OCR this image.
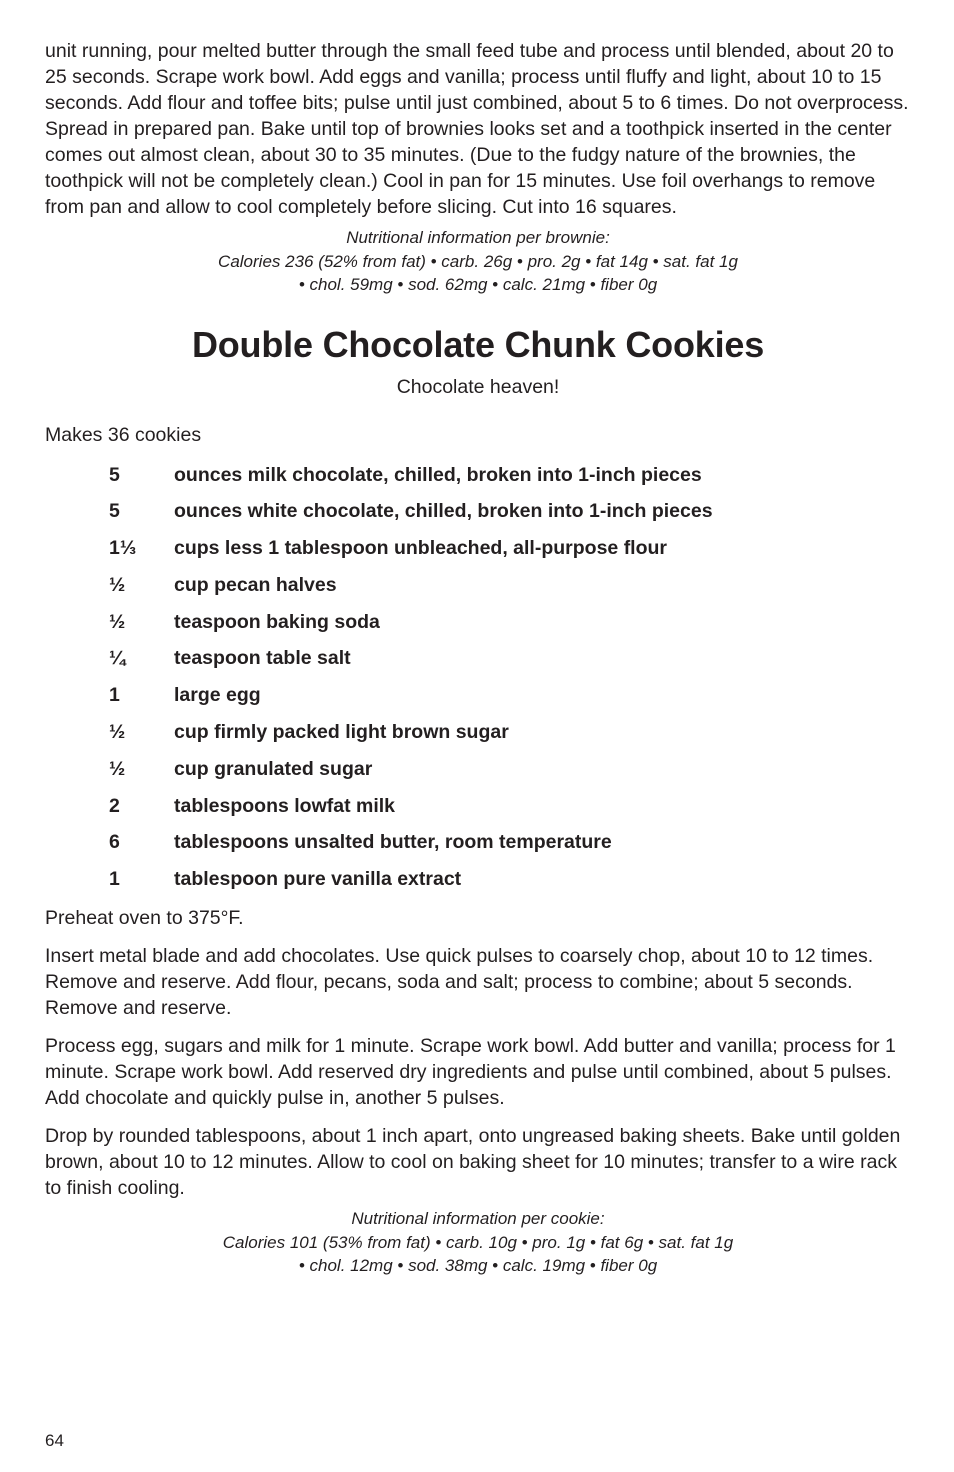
unit running, pour melted butter through the small feed tube and process until blended, about 20 to 25 seconds. Scrape work bowl. Add eggs and vanilla; process until fluffy and light, about 10 to 15 seconds. Add flour and toffee bits; pulse until just combined, about 5 to 6 times. Do not overprocess. Spread in prepared pan. Bake until top of brownies looks set and a toothpick inserted in the center comes out almost clean, about 30 to 35 minutes. (Due to the fudgy nature of the brownies, the toothpick will not be completely clean.) Cool in pan for 15 minutes. Use foil overhangs to remove from pan and allow to cool completely before slicing. Cut into 16 squares.

Nutritional information per brownie:
Calories 236 (52% from fat) • carb. 26g • pro. 2g • fat 14g • sat. fat 1g
• chol. 59mg • sod. 62mg • calc. 21mg • fiber 0g
Double Chocolate Chunk Cookies

Chocolate heaven!

Makes 36 cookies

5	ounces milk chocolate, chilled, broken into 1-inch pieces
5	ounces white chocolate, chilled, broken into 1-inch pieces
1⅓	cups less 1 tablespoon unbleached, all-purpose flour
½	cup pecan halves
½	teaspoon baking soda
¼	teaspoon table salt
1	large egg
½	cup firmly packed light brown sugar
½	cup granulated sugar
2	tablespoons lowfat milk
6	tablespoons unsalted butter, room temperature
1	tablespoon pure vanilla extract

Preheat oven to 375°F.

Insert metal blade and add chocolates. Use quick pulses to coarsely chop, about 10 to 12 times. Remove and reserve. Add flour, pecans, soda and salt; process to combine; about 5 seconds. Remove and reserve.

Process egg, sugars and milk for 1 minute. Scrape work bowl. Add butter and vanilla; process for 1 minute. Scrape work bowl. Add reserved dry ingredients and pulse until combined, about 5 pulses. Add chocolate and quickly pulse in, another 5 pulses.

Drop by rounded tablespoons, about 1 inch apart, onto ungreased baking sheets. Bake until golden brown, about 10 to 12 minutes. Allow to cool on baking sheet for 10 minutes; transfer to a wire rack to finish cooling.

Nutritional information per cookie:
Calories 101 (53% from fat) • carb. 10g • pro. 1g • fat 6g • sat. fat 1g
• chol. 12mg • sod. 38mg • calc. 19mg • fiber 0g
64
